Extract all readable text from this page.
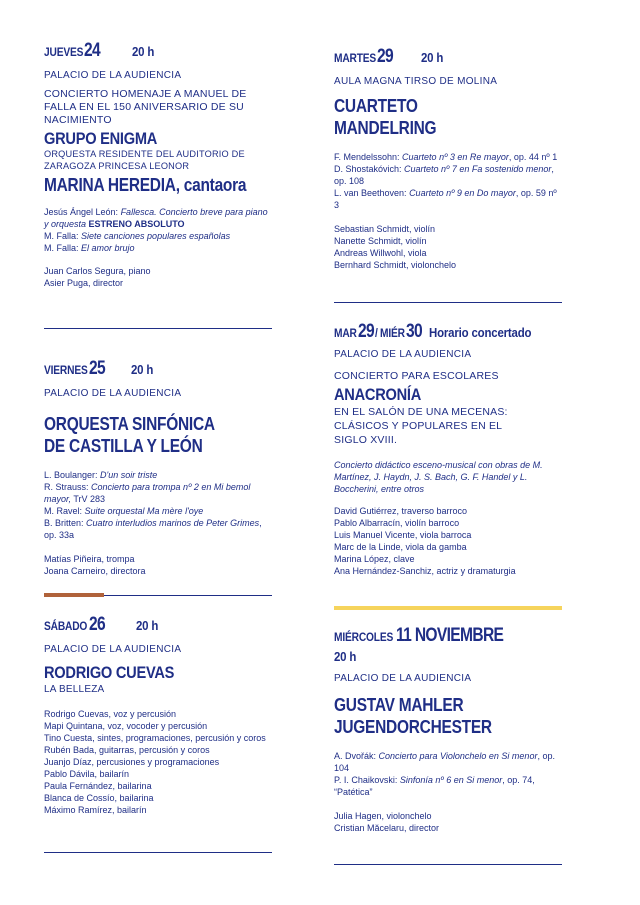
JUEVES 24 20 h
PALACIO DE LA AUDIENCIA
CONCIERTO HOMENAJE A MANUEL DE FALLA EN EL 150 ANIVERSARIO DE SU NACIMIENTO
GRUPO ENIGMA
ORQUESTA RESIDENTE DEL AUDITORIO DE ZARAGOZA PRINCESA LEONOR
MARINA HEREDIA, cantaora
Jesús Ángel León: Fallesca. Concierto breve para piano y orquesta ESTRENO ABSOLUTO
M. Falla: Siete canciones populares españolas
M. Falla: El amor brujo
Juan Carlos Segura, piano
Asier Puga, director
VIERNES 25 20 h
PALACIO DE LA AUDIENCIA
ORQUESTA SINFÓNICA
DE CASTILLA Y LEÓN
L. Boulanger: D'un soir triste
R. Strauss: Concierto para trompa nº 2 en Mi bemol mayor, TrV 283
M. Ravel: Suite orquestal Ma mère l'oye
B. Britten: Cuatro interludios marinos de Peter Grimes, op. 33a
Matías Piñeira, trompa
Joana Carneiro, directora
SÁBADO 26 20 h
PALACIO DE LA AUDIENCIA
RODRIGO CUEVAS
LA BELLEZA
Rodrigo Cuevas, voz y percusión
Mapi Quintana, voz, vocoder y percusión
Tino Cuesta, sintes, programaciones, percusión y coros
Rubén Bada, guitarras, percusión y coros
Juanjo Díaz, percusiones y programaciones
Pablo Dávila, bailarín
Paula Fernández, bailarina
Blanca de Cossío, bailarina
Máximo Ramírez, bailarín
MARTES 29 20 h
AULA MAGNA TIRSO DE MOLINA
CUARTETO
MANDELRING
F. Mendelssohn: Cuarteto nº 3 en Re mayor, op. 44 nº 1
D. Shostakóvich: Cuarteto nº 7 en Fa sostenido menor, op. 108
L. van Beethoven: Cuarteto nº 9 en Do mayor, op. 59 nº 3
Sebastian Schmidt, violín
Nanette Schmidt, violín
Andreas Willwohl, viola
Bernhard Schmidt, violonchelo
MAR 29 / MIÉR 30 Horario concertado
PALACIO DE LA AUDIENCIA
CONCIERTO PARA ESCOLARES
ANACRONÍA
EN EL SALÓN DE UNA MECENAS: CLÁSICOS Y POPULARES EN EL SIGLO XVIII.
Concierto didáctico esceno-musical con obras de M. Martínez, J. Haydn, J. S. Bach, G. F. Handel y L. Boccherini, entre otros
David Gutiérrez, traverso barroco
Pablo Albarracín, violín barroco
Luis Manuel Vicente, viola barroca
Marc de la Linde, viola da gamba
Marina López, clave
Ana Hernández-Sanchiz, actriz y dramaturgia
MIÉRCOLES 11 NOVIEMBRE
20 h
PALACIO DE LA AUDIENCIA
GUSTAV MAHLER
JUGENDORCHESTER
A. Dvořák: Concierto para Violonchelo en Si menor, op. 104
P. I. Chaikovski: Sinfonía nº 6 en Si menor, op. 74, “Patética”
Julia Hagen, violonchelo
Cristian Măcelaru, director
